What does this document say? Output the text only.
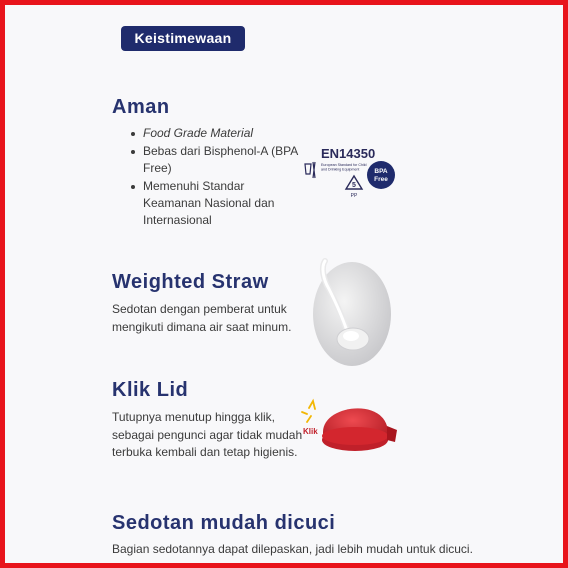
Keistimewaan
Aman
Food Grade Material
Bebas dari Bisphenol-A (BPA Free)
Memenuhi Standar Keamanan Nasional dan Internasional
EN14350
European Standard for Child
and Drinking Equipment
5
PP
BPA
Free
Weighted Straw

Sedotan dengan pemberat untuk mengikuti dimana air saat minum.

Klik Lid

Tutupnya menutup hingga klik, sebagai pengunci agar tidak mudah terbuka kembali dan tetap higienis.

Klik
Sedotan mudah dicuci

Bagian sedotannya dapat dilepaskan, jadi lebih mudah untuk dicuci.
